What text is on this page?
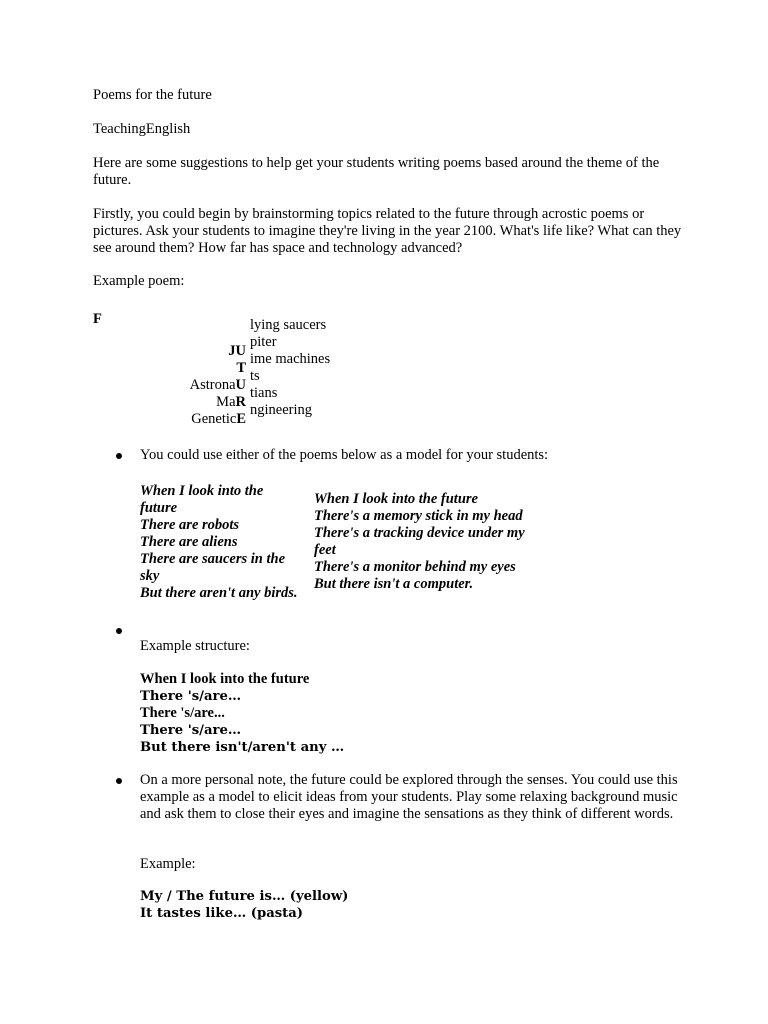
Poems for the future
TeachingEnglish
Here are some suggestions to help get your students writing poems based around the theme of the future.
Firstly, you could begin by brainstorming topics related to the future through acrostic poems or pictures. Ask your students to imagine they're living in the year 2100. What's life like? What can they see around them? How far has space and technology advanced?
Example poem:
F	lying saucers
piter
ime machines
ts
tians
ngineering
JU
T
AstronaU
MaR
GeneticE
You could use either of the poems below as a model for your students:
When I look into the
future
There are robots
There are aliens
There are saucers in the
sky
But there aren't any birds.
When I look into the future
There's a memory stick in my head
There's a tracking device under my
feet
There's a monitor behind my eyes
But there isn't a computer.
Example structure:
When I look into the future
There 's/are…
There 's/are...
There 's/are…
But there isn't/aren't any …
On a more personal note, the future could be explored through the senses. You could use this example as a model to elicit ideas from your students. Play some relaxing background music and ask them to close their eyes and imagine the sensations as they think of different words.
Example:
My / The future is… (yellow)
It tastes like… (pasta)
